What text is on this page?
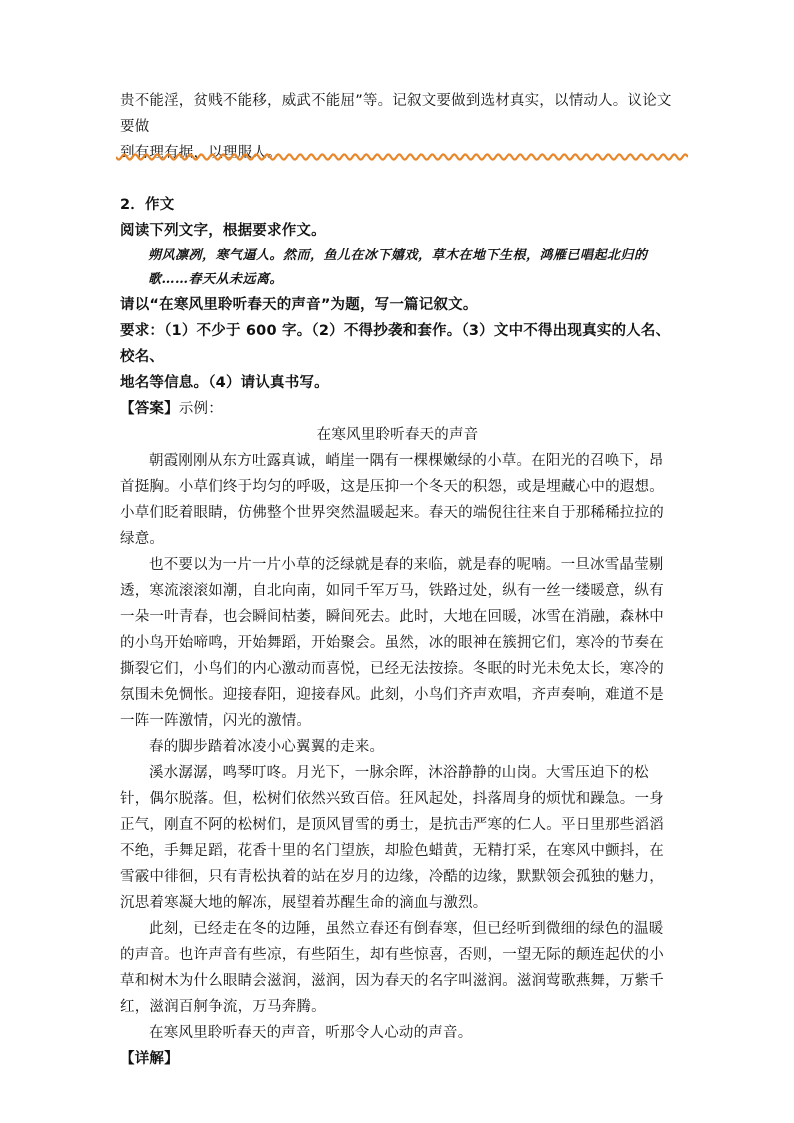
贵不能淫，贫贱不能移，威武不能屈”等。记叙文要做到选材真实，以情动人。议论文要做

到有理有据，以理服人。

2．作文

阅读下列文字，根据要求作文。

朔风凛冽，寒气逼人。然而，鱼儿在冰下嬉戏，草木在地下生根，鸿雁已唱起北归的

歌……春天从未远离。

请以“在寒风里聆听春天的声音”为题，写一篇记叙文。

要求：（1）不少于 600 字。（2）不得抄袭和套作。（3）文中不得出现真实的人名、校名、

地名等信息。（4）请认真书写。

【答案】示例：

在寒风里聆听春天的声音

朝霞刚刚从东方吐露真诚，峭崖一隅有一棵棵嫩绿的小草。在阳光的召唤下，昂首挺胸。小草们终于均匀的呼吸，这是压抑一个冬天的积怨，或是埋藏心中的遐想。小草们眨着眼睛，仿佛整个世界突然温暖起来。春天的端倪往往来自于那稀稀拉拉的绿意。

也不要以为一片一片小草的泛绿就是春的来临，就是春的呢喃。一旦冰雪晶莹剔透，寒流滚滚如潮，自北向南，如同千军万马，铁路过处，纵有一丝一缕暖意，纵有一朵一叶青春，也会瞬间枯萎，瞬间死去。此时，大地在回暖，冰雪在消融，森林中的小鸟开始啼鸣，开始舞蹈，开始聚会。虽然，冰的眼神在簇拥它们，寒冷的节奏在撕裂它们，小鸟们的内心激动而喜悦，已经无法按捺。冬眠的时光未免太长，寒冷的氛围未免惆怅。迎接春阳，迎接春风。此刻，小鸟们齐声欢唱，齐声奏响，难道不是一阵一阵激情，闪光的激情。

春的脚步踏着冰凌小心翼翼的走来。

溪水潺潺，鸣琴叮咚。月光下，一脉余晖，沐浴静静的山岗。大雪压迫下的松针，偶尔脱落。但，松树们依然兴致百倍。狂风起处，抖落周身的烦忧和躁急。一身正气，刚直不阿的松树们，是顶风冒雪的勇士，是抗击严寒的仁人。平日里那些滔滔不绝，手舞足蹈，花香十里的名门望族，却脸色蜡黄，无精打采，在寒风中颤抖，在雪霰中徘徊，只有青松执着的站在岁月的边缘，冷酷的边缘，默默领会孤独的魅力，沉思着寒凝大地的解冻，展望着苏醒生命的滴血与激烈。

此刻，已经走在冬的边陲，虽然立春还有倒春寒，但已经听到微细的绿色的温暖的声音。也许声音有些凉，有些陌生，却有些惊喜，否则，一望无际的颠连起伏的小草和树木为什么眼睛会滋润，滋润，因为春天的名字叫滋润。滋润莺歌燕舞，万紫千红，滋润百舸争流，万马奔腾。

在寒风里聆听春天的声音，听那令人心动的声音。

【详解】
